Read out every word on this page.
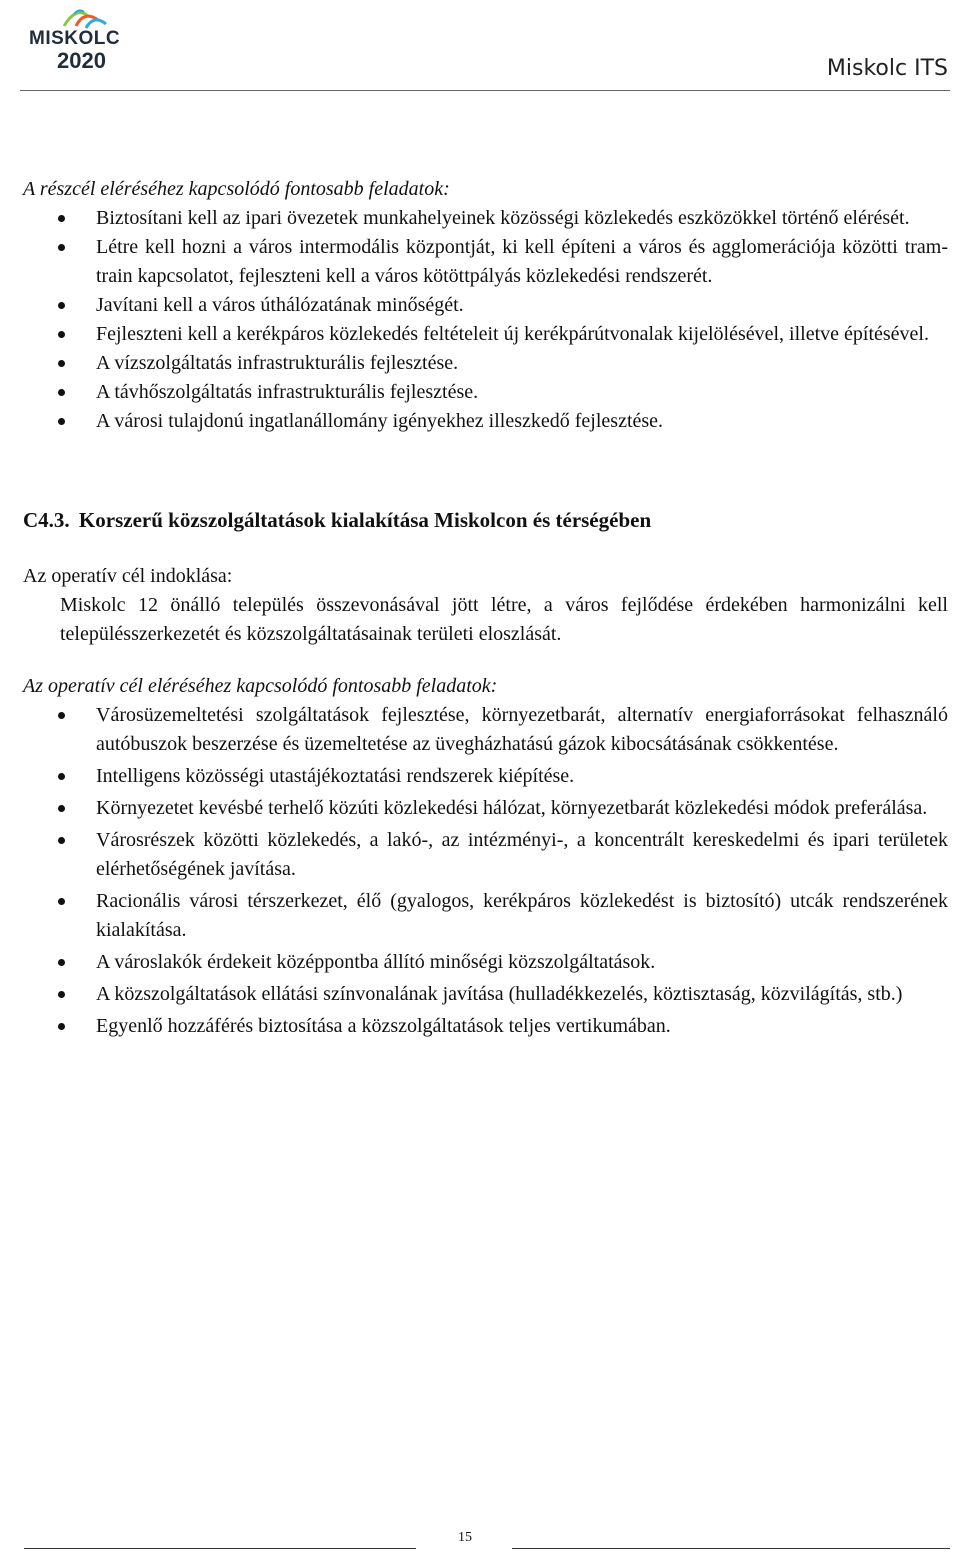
MISKOLC
2020	Miskolc ITS
A részcél eléréséhez kapcsolódó fontosabb feladatok:
Biztosítani kell az ipari övezetek munkahelyeinek közösségi közlekedés eszközökkel történő elérését.
Létre kell hozni a város intermodális központját, ki kell építeni a város és agglomerációja közötti tram-train kapcsolatot, fejleszteni kell a város kötöttpályás közlekedési rendszerét.
Javítani kell a város úthálózatának minőségét.
Fejleszteni kell a kerékpáros közlekedés feltételeit új kerékpárútvonalak kijelölésével, illetve építésével.
A vízszolgáltatás infrastrukturális fejlesztése.
A távhőszolgáltatás infrastrukturális fejlesztése.
A városi tulajdonú ingatlanállomány igényekhez illeszkedő fejlesztése.
C4.3. Korszerű közszolgáltatások kialakítása Miskolcon és térségében
Az operatív cél indoklása:
Miskolc 12 önálló település összevonásával jött létre, a város fejlődése érdekében harmonizálni kell településszerkezetét és közszolgáltatásainak területi eloszlását.
Az operatív cél eléréséhez kapcsolódó fontosabb feladatok:
Városüzemeltetési szolgáltatások fejlesztése, környezetbarát, alternatív energiaforrásokat felhasználó autóbuszok beszerzése és üzemeltetése az üvegházhatású gázok kibocsátásának csökkentése.
Intelligens közösségi utastájékoztatási rendszerek kiépítése.
Környezetet kevésbé terhelő közúti közlekedési hálózat, környezetbarát közlekedési módok preferálása.
Városrészek közötti közlekedés, a lakó-, az intézményi-, a koncentrált kereskedelmi és ipari területek elérhetőségének javítása.
Racionális városi térszerkezet, élő (gyalogos, kerékpáros közlekedést is biztosító) utcák rendszerének kialakítása.
A városlakók érdekeit középpontba állító minőségi közszolgáltatások.
A közszolgáltatások ellátási színvonalának javítása (hulladékkezelés, köztisztaság, közvilágítás, stb.)
Egyenlő hozzáférés biztosítása a közszolgáltatások teljes vertikumában.
15
